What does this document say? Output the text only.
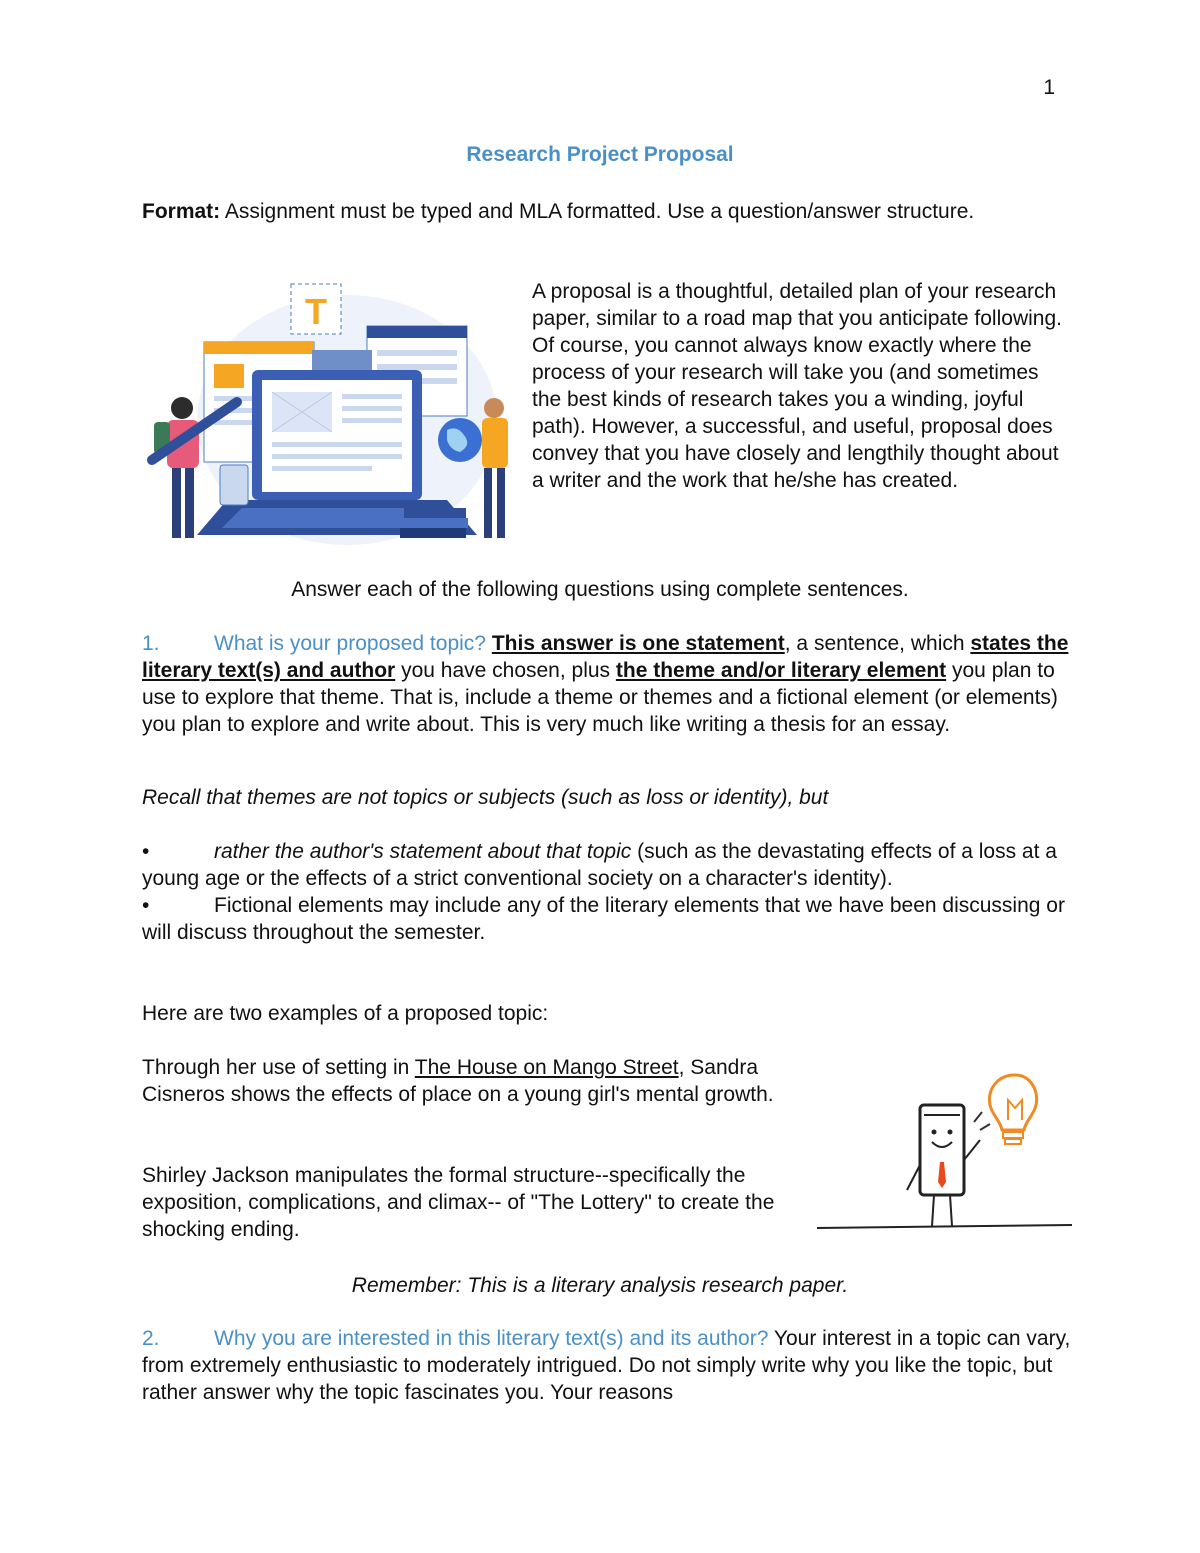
1
Research Project Proposal
Format: Assignment must be typed and MLA formatted. Use a question/answer structure.
T	A proposal is a thoughtful, detailed plan of your research paper, similar to a road map that you anticipate following. Of course, you cannot always know exactly where the process of your research will take you (and sometimes the best kinds of research takes you a winding, joyful path). However, a successful, and useful, proposal does convey that you have closely and lengthily thought about a writer and the work that he/she has created.
Answer each of the following questions using complete sentences.
1.	What is your proposed topic? This answer is one statement, a sentence, which states the literary text(s) and author you have chosen, plus the theme and/or literary element you plan to use to explore that theme. That is, include a theme or themes and a fictional element (or elements) you plan to explore and write about. This is very much like writing a thesis for an essay.
Recall that themes are not topics or subjects (such as loss or identity), but
•	rather the author's statement about that topic (such as the devastating effects of a loss at a young age or the effects of a strict conventional society on a character's identity).
•	Fictional elements may include any of the literary elements that we have been discussing or will discuss throughout the semester.
Here are two examples of a proposed topic:
Through her use of setting in The House on Mango Street, Sandra Cisneros shows the effects of place on a young girl's mental growth.
Shirley Jackson manipulates the formal structure--specifically the exposition, complications, and climax-- of "The Lottery" to create the shocking ending.
Remember: This is a literary analysis research paper.
2.	Why you are interested in this literary text(s) and its author? Your interest in a topic can vary, from extremely enthusiastic to moderately intrigued. Do not simply write why you like the topic, but rather answer why the topic fascinates you. Your reasons
